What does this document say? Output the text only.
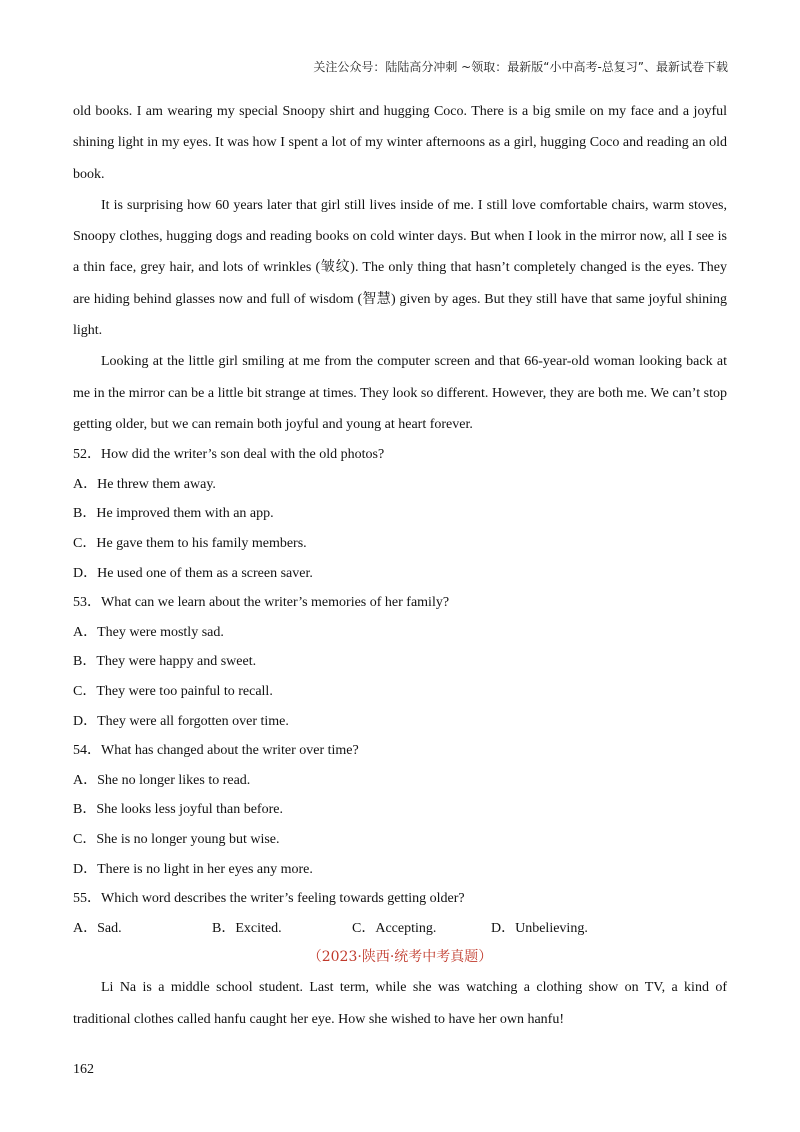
关注公众号：陆陆高分冲刺 ~领取：最新版“小中高考-总复习”、最新试卷下载

old books. I am wearing my special Snoopy shirt and hugging Coco. There is a big smile on my face and a joyful shining light in my eyes. It was how I spent a lot of my winter afternoons as a girl, hugging Coco and reading an old book.

It is surprising how 60 years later that girl still lives inside of me. I still love comfortable chairs, warm stoves, Snoopy clothes, hugging dogs and reading books on cold winter days. But when I look in the mirror now, all I see is a thin face, grey hair, and lots of wrinkles (皱纹). The only thing that hasn’t completely changed is the eyes. They are hiding behind glasses now and full of wisdom (智慧) given by ages. But they still have that same joyful shining light.

Looking at the little girl smiling at me from the computer screen and that 66-year-old woman looking back at me in the mirror can be a little bit strange at times. They look so different. However, they are both me. We can’t stop getting older, but we can remain both joyful and young at heart forever.

52．How did the writer’s son deal with the old photos?

A．He threw them away.

B．He improved them with an app.

C．He gave them to his family members.

D．He used one of them as a screen saver.

53．What can we learn about the writer’s memories of her family?

A．They were mostly sad.

B．They were happy and sweet.

C．They were too painful to recall.

D．They were all forgotten over time.

54．What has changed about the writer over time?

A．She no longer likes to read.

B．She looks less joyful than before.

C．She is no longer young but wise.

D．There is no light in her eyes any more.

55．Which word describes the writer’s feeling towards getting older?

A．Sad.	B．Excited.	C．Accepting.	D．Unbelieving.

（2023·陕西·统考中考真题）

Li Na is a middle school student. Last term, while she was watching a clothing show on TV, a kind of traditional clothes called hanfu caught her eye. How she wished to have her own hanfu!

162
